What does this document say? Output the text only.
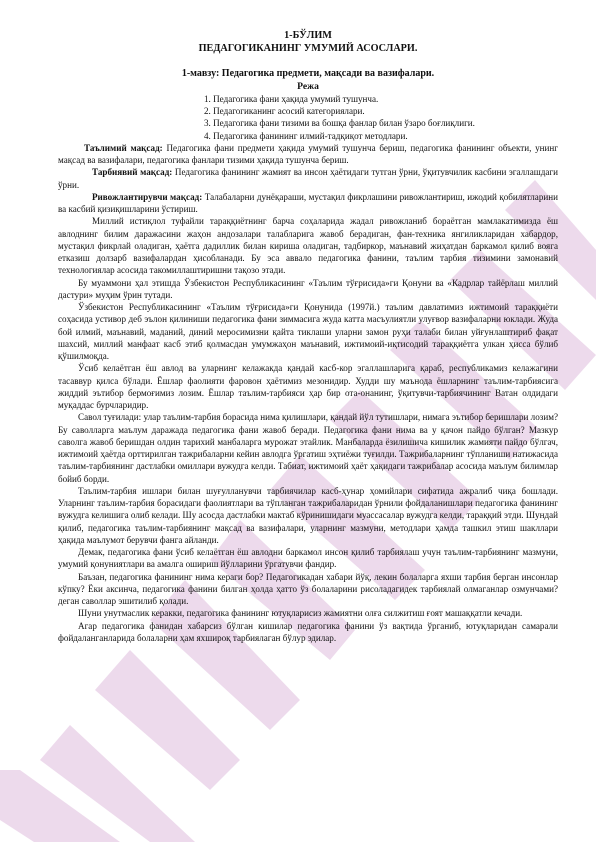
1-БЎЛИМ
ПЕДАГОГИКАНИНГ УМУМИЙ АСОСЛАРИ.
1-мавзу: Педагогика предмети, мақсади ва вазифалари.
Режа
1. Педагогика фани ҳақида умумий тушунча.
2. Педагогиканинг асосий категориялари.
3. Педагогика фани тизими ва бошқа фанлар билан ўзаро боғлиқлиги.
4. Педагогика фанининг илмий-тадқиқот методлари.

Таълимий мақсад: Педагогика фани предмети ҳақида умумий тушунча бериш, педагогика фанининг объекти, унинг мақсад ва вазифалари, педагогика фанлари тизими ҳақида тушунча бериш.

Тарбиявий мақсад: Педагогика фанининг жамият ва инсон ҳаётидаги тутган ўрни, ўқитувчилик касбини эгаллашдаги ўрни.

Ривожлантирувчи мақсад: Талабаларни дунёқараши, мустақил фикрлашини ривожлантириш, ижодий қобилятларини ва касбий қизиқишларини ўстириш.

Миллий истиқлол туфайли тараққиётнинг барча соҳаларида жадал ривожланиб бораётган мамлакатимизда ёш авлоднинг билим даражасини жаҳон андозалари талабларига жавоб берадиган, фан-техника янгиликларидан хабардор, мустақил фикрлай оладиган, ҳаётга дадиллик билан кириша оладиган, тадбиркор, маънавий жиҳатдан баркамол қилиб вояга етказиш долзарб вазифалардан ҳисобланади. Бу эса аввало педагогика фанини, таълим тарбия тизимини замонавий технологиялар асосида такомиллаштиришни тақозо этади.

Бу муаммони ҳал этишда Ўзбекистон Республикасининг «Таълим тўғрисида»ги Қонуни ва «Кадрлар тайёрлаш миллий дастури» муҳим ўрин тутади.

Ўзбекистон Республикасининг «Таълим тўғрисида»ги Қонунида (1997й.) таълим давлатимиз ижтимоий тараққиёти соҳасида устивор деб эълон қилиниши педагогика фани зиммасига жуда катта масъулиятли улуғвор вазифаларни юклади. Жуда бой илмий, маънавий, маданий, диний меросимизни қайта тиклаши уларни замон руҳи талаби билан уйғунлаштириб фақат шахсий, миллий манфаат касб этиб қолмасдан умумжаҳон маънавий, ижтимоий-иқтисодий тараққиётга улкан ҳисса бўлиб қўшилмоқда.

Ўсиб келаётган ёш авлод ва уларнинг келажакда қандай касб-кор эгаллашларига қараб, республикамиз келажагини тасаввур қилса бўлади. Ёшлар фаолияти фаровон ҳаётимиз мезонидир. Худди шу маънода ёшларнинг таълим-тарбиясига жиддий эътибор бермоғимиз лозим. Ёшлар таълим-тарбияси ҳар бир ота-онанинг, ўқитувчи-тарбиячининг Ватан олдидаги муқаддас бурчларидир.

Савол туғилади: улар таълим-тарбия борасида нима қилишлари, қандай йўл тутишлари, нимага эътибор беришлари лозим? Бу саволларга маълум даражада педагогика фани жавоб беради. Педагогика фани нима ва у қачон пайдо бўлган? Мазкур саволга жавоб беришдан олдин тарихий манбаларга мурожат этайлик. Манбаларда ёзилишича кишилик жамияти пайдо бўлгач, ижтимоий ҳаётда орттирилган тажрибаларни кейин авлодга ўргатиш эҳтиёжи туғилди. Тажрибаларнинг тўпланиши натижасида таълим-тарбиянинг дастлабки омиллари вужудга келди. Табиат, ижтимоий ҳаёт ҳақидаги тажрибалар асосида маълум билимлар бойиб борди.

Таълим-тарбия ишлари билан шуғулланувчи тарбиячилар касб-ҳунар ҳомийлари сифатида ажралиб чиқа бошлади. Уларнинг таълим-тарбия борасидаги фаолиятлари ва тўпланган тажрибаларидан ўрнили фойдаланишлари педагогика фанининг вужудга келишига олиб келади. Шу асосда дастлабки мактаб кўринишидаги муассасалар вужудга келди, тараққий этди. Шундай қилиб, педагогика таълим-тарбиянинг мақсад ва вазифалари, уларнинг мазмуни, методлари ҳамда ташкил этиш шакллари ҳақида маълумот берувчи фанга айланди.

Демак, педагогика фани ўсиб келаётган ёш авлодни баркамол инсон қилиб тарбиялаш учун таълим-тарбиянинг мазмуни, умумий қонуниятлари ва амалга ошириш йўлларини ўргатувчи фандир.

Баъзан, педагогика фанининг нима кераги бор? Педагогикадан хабари йўқ, лекин болаларга яхши тарбия берган инсонлар кўпку? Ёки аксинча, педагогика фанини билган ҳолда ҳатто ўз болаларини рисоладагидек тарбиялай олмаганлар озмунчами? деган саволлар эшитилиб қолади.

Шуни унутмаслик керакки, педагогика фанининг ютуқларисиз жамиятни олға силжитиш ғоят машаққатли кечади.

Агар педагогика фанидан хабарсиз бўлган кишилар педагогика фанини ўз вақтида ўрганиб, ютуқларидан самарали фойдаланганларида болаларни ҳам яхшироқ тарбиялаган бўлур эдилар.
